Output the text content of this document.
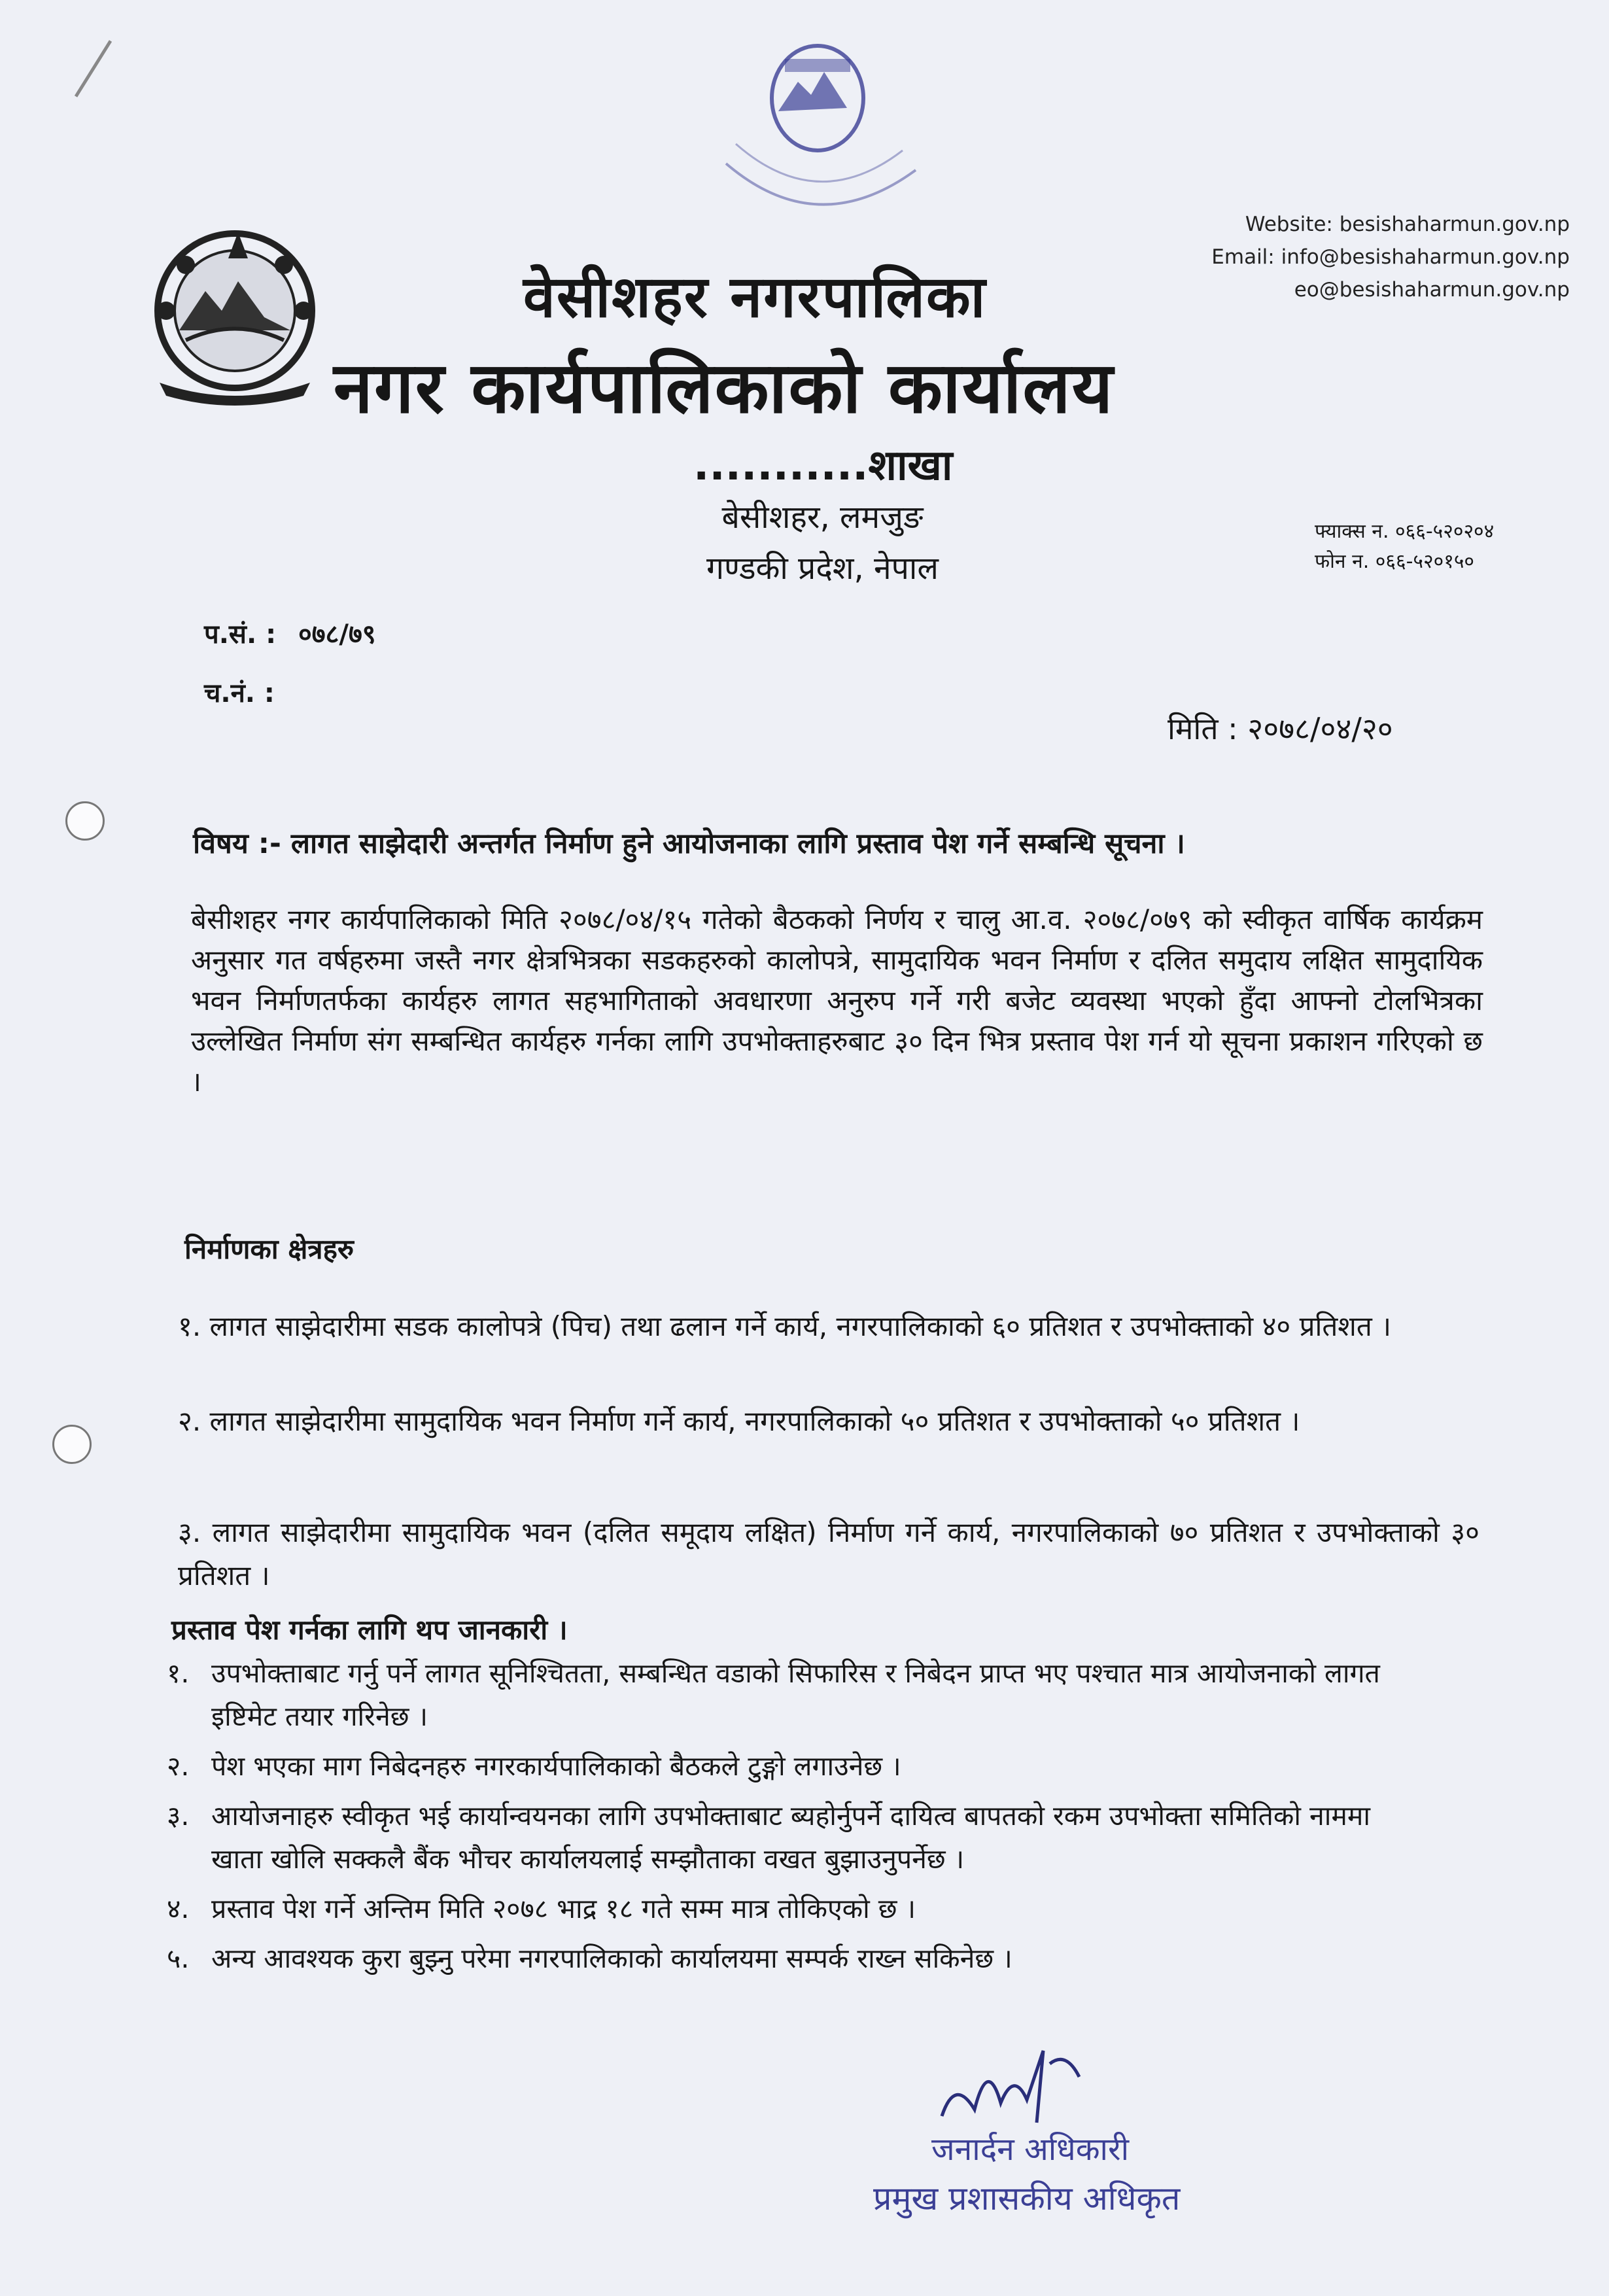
Website: besishaharmun.gov.np
Email: info@besishaharmun.gov.np
eo@besishaharmun.gov.np
वेसीशहर नगरपालिका
नगर कार्यपालिकाको कार्यालय
...........शाखा
बेसीशहर, लमजुङ
गण्डकी प्रदेश, नेपाल
फ्याक्स न. ०६६-५२०२०४
फोन न. ०६६-५२०१५०
प.सं. : ०७८/७९
च.नं. :
मिति : २०७८/०४/२०
विषय :- लागत साझेदारी अन्तर्गत निर्माण हुने आयोजनाका लागि प्रस्ताव पेश गर्ने सम्बन्धि सूचना ।
बेसीशहर नगर कार्यपालिकाको मिति २०७८/०४/१५ गतेको बैठकको निर्णय र चालु आ.व. २०७८/०७९ को स्वीकृत वार्षिक कार्यक्रम अनुसार गत वर्षहरुमा जस्तै नगर क्षेत्रभित्रका सडकहरुको कालोपत्रे, सामुदायिक भवन निर्माण र दलित समुदाय लक्षित सामुदायिक भवन निर्माणतर्फका कार्यहरु लागत सहभागिताको अवधारणा अनुरुप गर्ने गरी बजेट व्यवस्था भएको हुँदा आफ्नो टोलभित्रका उल्लेखित निर्माण संग सम्बन्धित कार्यहरु गर्नका लागि उपभोक्ताहरुबाट ३० दिन भित्र प्रस्ताव पेश गर्न यो सूचना प्रकाशन गरिएको छ ।
निर्माणका क्षेत्रहरु
१. लागत साझेदारीमा सडक कालोपत्रे (पिच) तथा ढलान गर्ने कार्य, नगरपालिकाको ६० प्रतिशत र उपभोक्ताको ४० प्रतिशत ।
२. लागत साझेदारीमा सामुदायिक भवन निर्माण गर्ने कार्य, नगरपालिकाको ५० प्रतिशत र उपभोक्ताको ५० प्रतिशत ।
३. लागत साझेदारीमा सामुदायिक भवन (दलित समूदाय लक्षित) निर्माण गर्ने कार्य, नगरपालिकाको ७० प्रतिशत र उपभोक्ताको ३० प्रतिशत ।
प्रस्ताव पेश गर्नका लागि थप जानकारी ।
१. उपभोक्ताबाट गर्नु पर्ने लागत सूनिश्चितता, सम्बन्धित वडाको सिफारिस र निबेदन प्राप्त भए पश्चात मात्र आयोजनाको लागत इष्टिमेट तयार गरिनेछ ।
२. पेश भएका माग निबेदनहरु नगरकार्यपालिकाको बैठकले टुङ्गो लगाउनेछ ।
३. आयोजनाहरु स्वीकृत भई कार्यान्वयनका लागि उपभोक्ताबाट ब्यहोर्नुपर्ने दायित्व बापतको रकम उपभोक्ता समितिको नाममा खाता खोलि सक्कलै बैंक भौचर कार्यालयलाई सम्झौताका वखत बुझाउनुपर्नेछ ।
४. प्रस्ताव पेश गर्ने अन्तिम मिति २०७८ भाद्र १८ गते सम्म मात्र तोकिएको छ ।
५. अन्य आवश्यक कुरा बुझ्नु परेमा नगरपालिकाको कार्यालयमा सम्पर्क राख्न सकिनेछ ।
जनार्दन अधिकारी
प्रमुख प्रशासकीय अधिकृत
